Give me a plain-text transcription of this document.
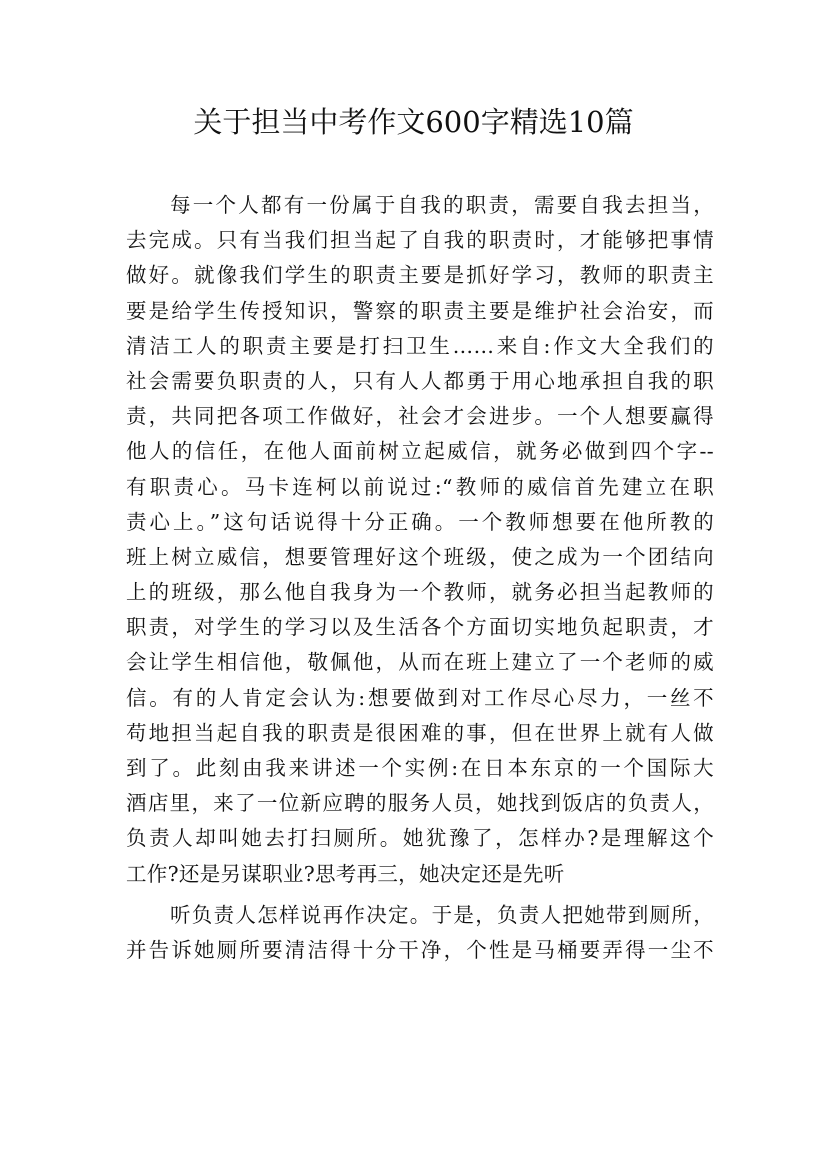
关于担当中考作文600字精选10篇
每一个人都有一份属于自我的职责，需要自我去担当，
去完成。只有当我们担当起了自我的职责时，才能够把事情
做好。就像我们学生的职责主要是抓好学习，教师的职责主
要是给学生传授知识，警察的职责主要是维护社会治安，而
清洁工人的职责主要是打扫卫生……来自:作文大全我们的
社会需要负职责的人，只有人人都勇于用心地承担自我的职
责，共同把各项工作做好，社会才会进步。一个人想要赢得
他人的信任，在他人面前树立起威信，就务必做到四个字--
有职责心。马卡连柯以前说过:“教师的威信首先建立在职
责心上。”这句话说得十分正确。一个教师想要在他所教的
班上树立威信，想要管理好这个班级，使之成为一个团结向
上的班级，那么他自我身为一个教师，就务必担当起教师的
职责，对学生的学习以及生活各个方面切实地负起职责，才
会让学生相信他，敬佩他，从而在班上建立了一个老师的威
信。有的人肯定会认为:想要做到对工作尽心尽力，一丝不
苟地担当起自我的职责是很困难的事，但在世界上就有人做
到了。此刻由我来讲述一个实例:在日本东京的一个国际大
酒店里，来了一位新应聘的服务人员，她找到饭店的负责人，
负责人却叫她去打扫厕所。她犹豫了，怎样办?是理解这个
工作?还是另谋职业?思考再三，她决定还是先听
听负责人怎样说再作决定。于是，负责人把她带到厕所，
并告诉她厕所要清洁得十分干净，个性是马桶要弄得一尘不
